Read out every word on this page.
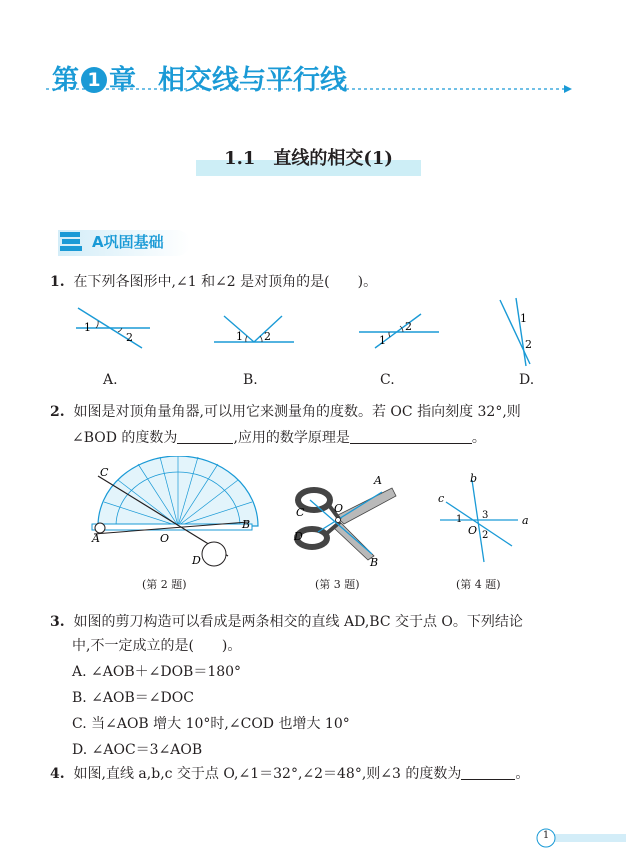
第 1 章 相交线与平行线
1.1　直线的相交(1)
A巩固基础
1. 在下列各图形中,∠1 和∠2 是对顶角的是(　　)。
1
2	1 2	1
2
1
2
A.	B.	C.	D.
2. 如图是对顶角量角器,可以用它来测量角的度数。若 OC 指向刻度 32°,则
∠BOD 的度数为	,应用的数学原理是	。
C
A	O
B
D
A
C	O
D
B
b
c
1 3
O 2
a
(第 2 题)	(第 3 题)	(第 4 题)
3. 如图的剪刀构造可以看成是两条相交的直线 AD,BC 交于点 O。下列结论
中,不一定成立的是(　　)。
A. ∠AOB＋∠DOB＝180°
B. ∠AOB＝∠DOC
C. 当∠AOB 增大 10°时,∠COD 也增大 10°
D. ∠AOC＝3∠AOB
4. 如图,直线 a,b,c 交于点 O,∠1＝32°,∠2＝48°,则∠3 的度数为	。
1
